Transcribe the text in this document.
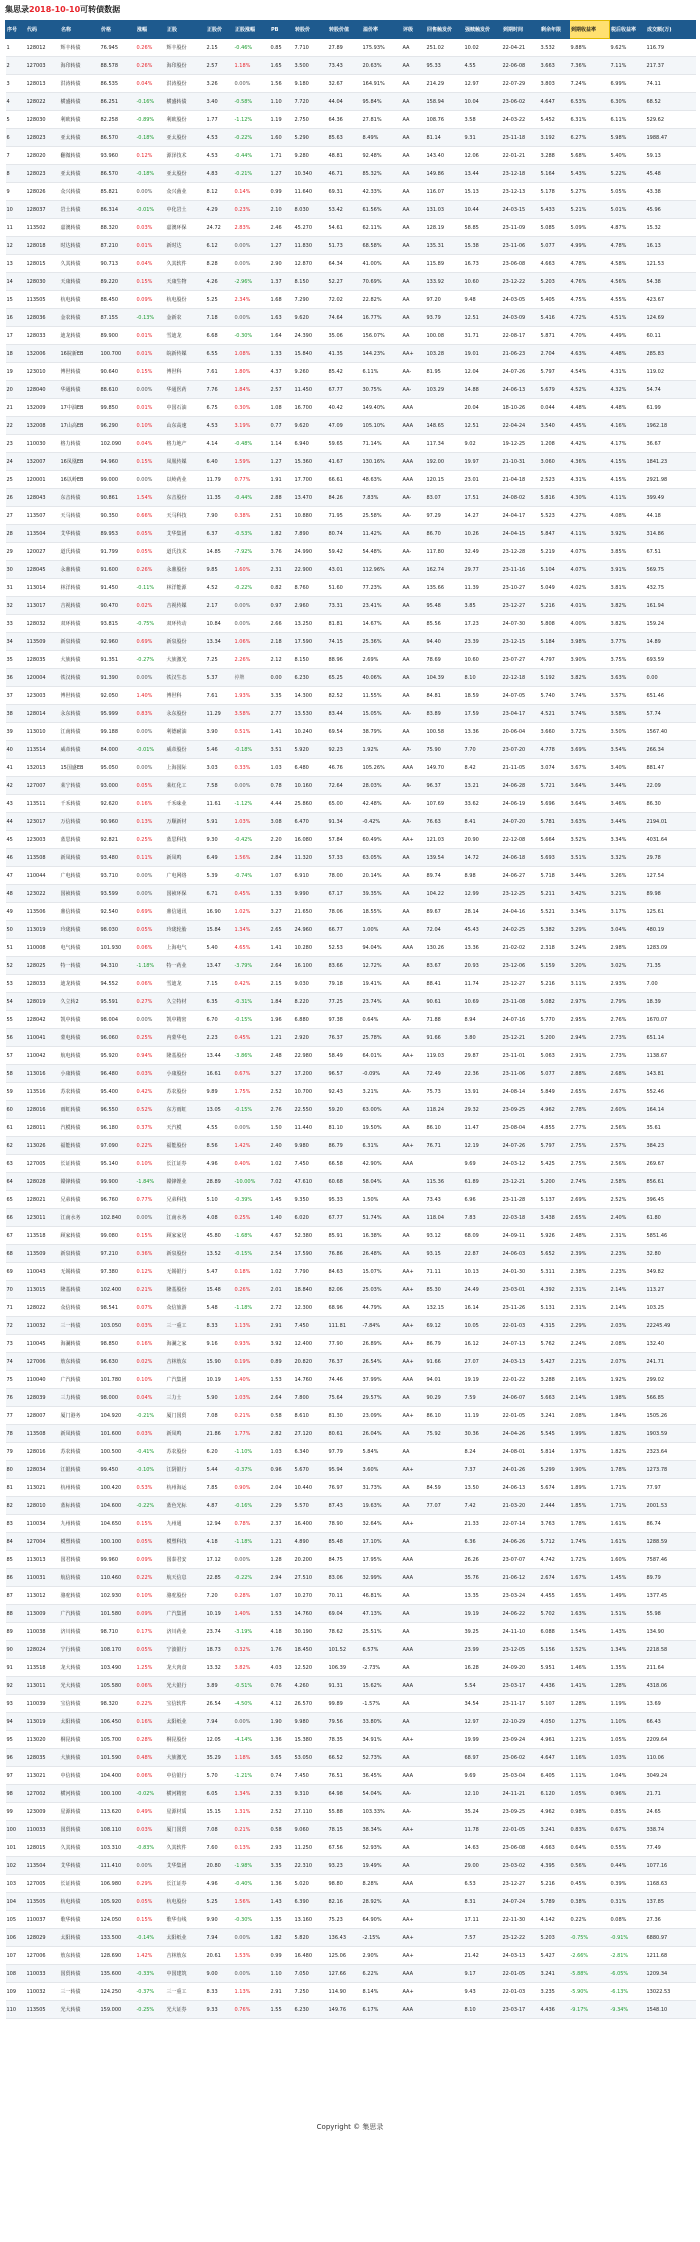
集思录2018-10-10可转债数据
序号	代码	名称	价格	涨幅	正股	正股价	正股涨幅	PB	转股价	转股价值	溢价率	评级	回售触发价	强赎触发价	到期时间	剩余年限	到期收益率	税后收益率	成交额(万)
1	128012	辉丰转债	76.945	0.26%	辉丰股份	2.15	-0.46%	0.85	7.710	27.89	175.93%	AA	251.02	10.02	22-04-21	3.532	9.88%	9.62%	116.79
2	127003	海印转债	88.578	0.26%	海印股份	2.57	1.18%	1.65	3.500	73.43	20.63%	AA	95.33	4.55	22-06-08	3.663	7.36%	7.11%	217.37
3	128013	洪涛转债	86.535	0.04%	洪涛股份	3.26	0.00%	1.56	9.180	32.67	164.91%	AA	214.29	12.97	22-07-29	3.803	7.24%	6.99%	74.11
4	128022	横盛转债	86.251	-0.16%	横盛转债	3.40	-0.58%	1.10	7.720	44.04	95.84%	AA	158.94	10.04	23-06-02	4.647	6.53%	6.30%	68.52
5	128030	利欧转债	82.258	-0.89%	利欧股份	1.77	-1.12%	1.19	2.750	64.36	27.81%	AA	108.76	3.58	24-03-22	5.452	6.31%	6.11%	529.62
6	128023	亚太转债	86.570	-0.18%	亚太股份	4.53	-0.22%	1.60	5.290	85.63	8.49%	AA	81.14	9.31	23-11-18	3.192	6.27%	5.98%	1988.47
7	128020	翻微转债	93.960	0.12%	源泽技术	4.53	-0.44%	1.71	9.280	48.81	92.48%	AA	143.40	12.06	22-01-21	3.288	5.68%	5.40%	59.13
8	128023	亚太转债	86.570	-0.18%	亚太股份	4.83	-0.21%	1.27	10.340	46.71	85.32%	AA	149.86	13.44	23-12-18	5.164	5.43%	5.22%	45.48
9	128026	众兴转债	85.821	0.00%	众兴菌业	8.12	0.14%	0.99	11.640	69.31	42.33%	AA	116.07	15.13	23-12-13	5.178	5.27%	5.05%	43.38
10	128037	岩土转债	86.314	-0.01%	中化岩土	4.29	0.23%	2.10	8.030	53.42	61.56%	AA	131.03	10.44	24-03-15	5.433	5.21%	5.01%	45.96
11	113502	嘉澳转债	88.320	0.03%	嘉澳环保	24.72	2.83%	2.46	45.270	54.61	62.11%	AA	128.19	58.85	23-11-09	5.085	5.09%	4.87%	15.32
12	128018	时达转债	87.210	0.01%	新时达	6.12	0.00%	1.27	11.830	51.73	68.58%	AA	135.31	15.38	23-11-06	5.077	4.99%	4.78%	16.13
13	128015	久其转债	90.713	0.04%	久其软件	8.28	0.00%	2.90	12.870	64.34	41.00%	AA	115.89	16.73	23-06-08	4.663	4.78%	4.58%	121.53
14	128030	天康转债	89.220	0.15%	天康生物	4.26	-2.96%	1.37	8.150	52.27	70.69%	AA	133.92	10.60	23-12-22	5.203	4.76%	4.56%	54.38
15	113505	杭电转债	88.450	0.09%	杭电股份	5.25	2.34%	1.68	7.290	72.02	22.82%	AA	97.20	9.48	24-03-05	5.405	4.75%	4.55%	423.67
16	128036	金农转债	87.155	-0.13%	金新农	7.18	0.00%	1.63	9.620	74.64	16.77%	AA	93.79	12.51	24-03-09	5.416	4.72%	4.51%	124.69
17	128033	迪龙转债	89.900	0.01%	雪迪龙	6.68	-0.30%	1.64	24.390	35.06	156.07%	AA	100.08	31.71	22-08-17	5.871	4.70%	4.49%	60.11
18	132006	16皖新EB	100.700	0.01%	皖新传媒	6.55	1.08%	1.33	15.840	41.35	144.23%	AA+	103.28	19.01	21-06-23	2.704	4.63%	4.48%	285.83
19	123010	博世转债	90.640	0.15%	博世科	7.61	1.80%	4.37	9.260	85.42	6.11%	AA-	81.95	12.04	24-07-26	5.797	4.54%	4.31%	119.02
20	128040	华通转债	88.610	0.00%	华通医药	7.76	1.84%	2.57	11.450	67.77	30.75%	AA-	103.29	14.88	24-06-13	5.679	4.52%	4.32%	54.74
21	132009	17中油EB	99.850	0.01%	中国石油	6.75	0.30%	1.08	16.700	40.42	149.40%	AAA		20.04	18-10-26	0.044	4.48%	4.48%	61.99
22	132008	17山高EB	96.290	0.10%	山东高速	4.53	3.19%	0.77	9.620	47.09	105.10%	AAA	148.65	12.51	22-04-24	3.540	4.45%	4.16%	1962.18
23	110030	格力转债	102.090	0.04%	格力地产	4.14	-0.48%	1.14	6.940	59.65	71.14%	AA	117.34	9.02	19-12-25	1.208	4.42%	4.17%	36.67
24	132007	16凤凰EB	94.960	0.15%	凤凰传媒	6.40	1.59%	1.27	15.360	41.67	130.16%	AAA	192.00	19.97	21-10-31	3.060	4.36%	4.15%	1841.23
25	120001	16以岭EB	99.000	0.00%	以岭药业	11.79	0.77%	1.91	17.700	66.61	48.63%	AAA	120.15	23.01	21-04-18	2.523	4.31%	4.15%	2921.98
26	128043	东音转债	90.861	1.54%	东音股份	11.35	-0.44%	2.88	13.470	84.26	7.83%	AA-	83.07	17.51	24-08-02	5.816	4.30%	4.11%	399.49
27	113507	天马转债	90.350	0.66%	天马科技	7.90	0.38%	2.51	10.880	71.95	25.58%	AA-	97.29	14.27	24-04-17	5.523	4.27%	4.08%	44.18
28	113504	艾华转债	89.953	0.05%	艾华集团	6.37	-0.53%	1.82	7.890	80.74	11.42%	AA	86.70	10.26	24-04-15	5.847	4.11%	3.92%	314.86
29	120027	道氏转债	91.799	0.05%	道氏技术	14.85	-7.92%	3.76	24.990	59.42	54.48%	AA-	117.80	32.49	23-12-28	5.219	4.07%	3.85%	67.51
30	128045	永鼎转债	91.600	0.26%	永鼎股份	9.85	1.60%	2.31	22.900	43.01	112.96%	AA	162.74	29.77	23-11-16	5.104	4.07%	3.91%	569.75
31	113014	林洋转债	91.450	-0.11%	林洋能源	4.52	-0.22%	0.82	8.760	51.60	77.23%	AA	135.66	11.39	23-10-27	5.049	4.02%	3.81%	432.75
32	113017	吉视转债	90.470	0.02%	吉视传媒	2.17	0.00%	0.97	2.960	73.31	23.41%	AA	95.48	3.85	23-12-27	5.216	4.01%	3.82%	161.94
33	128032	双环转债	93.815	-0.75%	双环传动	10.84	0.00%	2.66	13.250	81.81	14.67%	AA	85.56	17.23	24-07-30	5.808	4.00%	3.82%	159.24
34	113509	新泉转债	92.960	0.69%	新泉股份	13.34	1.06%	2.18	17.590	74.15	25.36%	AA	94.40	23.39	23-12-15	5.184	3.98%	3.77%	14.89
35	128035	大族转债	91.351	-0.27%	大族激光	7.25	2.26%	2.12	8.150	88.96	2.69%	AA	78.69	10.60	23-07-27	4.797	3.90%	3.75%	693.59
36	120004	铁汉转债	91.390	0.00%	铁汉生态	5.37	停牌	0.00	6.230	65.25	40.06%	AA	104.39	8.10	22-12-18	5.192	3.82%	3.63%	0.00
37	123003	博世转债	92.050	1.40%	博世科	7.61	1.93%	3.35	14.300	82.52	11.55%	AA	84.81	18.59	24-07-05	5.740	3.74%	3.57%	651.46
38	128014	永东转债	95.999	0.83%	永东股份	11.29	3.58%	2.77	13.530	83.44	15.05%	AA-	83.89	17.59	23-04-17	4.521	3.74%	3.58%	57.74
39	113010	江南转债	99.188	0.00%	利德耐油	3.90	0.51%	1.41	10.240	69.54	38.79%	AA	100.58	13.36	20-06-04	3.660	3.72%	3.50%	1567.40
40	113514	威帝转债	84.000	-0.01%	威帝股份	5.46	-0.18%	3.51	5.920	92.23	1.92%	AA-	75.90	7.70	23-07-20	4.778	3.69%	3.54%	266.34
41	132013	15国盛EB	95.050	0.00%	上海国际	3.03	0.33%	1.03	6.480	46.76	105.26%	AAA	149.70	8.42	21-11-05	3.074	3.67%	3.40%	881.47
42	127007	莱宁转债	93.000	0.05%	莱红化工	7.58	0.00%	0.78	10.160	72.64	28.03%	AA-	96.37	13.21	24-06-28	5.721	3.64%	3.44%	22.09
43	113511	千禾转债	92.620	0.16%	千禾味业	11.61	-1.12%	4.44	25.860	65.00	42.48%	AA-	107.69	33.62	24-06-19	5.696	3.64%	3.46%	86.30
44	123017	万信转债	90.960	0.13%	万顺新材	5.91	1.03%	3.08	6.470	91.34	-0.42%	AA-	76.63	8.41	24-07-20	5.781	3.63%	3.44%	2194.01
45	123003	蓝思转债	92.821	0.25%	蓝思科技	9.30	-0.42%	2.20	16.080	57.84	60.49%	AA+	121.03	20.90	22-12-08	5.664	3.52%	3.34%	4031.64
46	113508	新凤转债	93.480	0.11%	新凤鸣	6.49	1.56%	2.84	11.320	57.33	63.05%	AA	139.54	14.72	24-06-18	5.693	3.51%	3.32%	29.78
47	110044	广电转债	93.710	0.00%	广电网络	5.39	-0.74%	1.07	6.910	78.00	20.14%	AA	89.74	8.98	24-06-27	5.718	3.44%	3.26%	127.54
48	123022	国祯转债	93.599	0.00%	国祯环保	6.71	0.45%	1.33	9.990	67.17	39.35%	AA	104.22	12.99	23-12-25	5.211	3.42%	3.21%	89.98
49	113506	鼎信转债	92.540	0.69%	鼎信通讯	16.90	1.02%	3.27	21.650	78.06	18.55%	AA	89.67	28.14	24-04-16	5.521	3.34%	3.17%	125.61
50	113019	玲珑转债	98.030	0.05%	玲珑轮胎	15.84	1.34%	2.65	24.960	66.77	1.00%	AA	72.04	45.43	24-02-25	5.382	3.29%	3.04%	480.19
51	110008	电气转债	101.930	0.06%	上海电气	5.40	4.65%	1.41	10.280	52.53	94.04%	AAA	130.26	13.36	21-02-02	2.318	3.24%	2.98%	1283.09
52	128025	特一转债	94.310	-1.18%	特一药业	13.47	-3.79%	2.64	16.100	83.66	12.72%	AA	83.67	20.93	23-12-06	5.159	3.20%	3.02%	71.35
53	128033	迪龙转债	94.552	0.06%	雪迪龙	7.15	0.42%	2.15	9.030	79.18	19.41%	AA	88.41	11.74	23-12-27	5.216	3.11%	2.93%	7.00
54	128019	久立转2	95.591	0.27%	久立特材	6.35	-0.31%	1.84	8.220	77.25	23.74%	AA	90.61	10.69	23-11-08	5.082	2.97%	2.79%	18.39
55	128042	凯中转债	98.004	0.00%	凯中精密	6.70	-0.15%	1.96	6.880	97.38	0.64%	AA-	71.88	8.94	24-07-16	5.770	2.95%	2.76%	1670.07
56	110041	蒙电转债	96.060	0.25%	内蒙华电	2.23	0.45%	1.21	2.920	76.37	25.78%	AA	91.66	3.80	23-12-21	5.200	2.94%	2.73%	651.14
57	110042	航电转债	95.920	0.94%	隆基股份	13.44	-3.86%	2.48	22.980	58.49	64.01%	AA+	119.03	29.87	23-11-01	5.063	2.91%	2.73%	1138.67
58	113016	小康转债	96.480	0.03%	小康股份	16.61	0.67%	3.27	17.200	96.57	-0.09%	AA	72.49	22.36	23-11-06	5.077	2.88%	2.68%	143.81
59	113516	苏农转债	95.400	0.42%	苏农股份	9.89	1.75%	2.52	10.700	92.43	3.21%	AA-	75.73	13.91	24-08-14	5.849	2.65%	2.67%	552.46
60	128016	雨虹转债	96.550	0.52%	东方雨虹	13.05	-0.15%	2.76	22.550	59.20	63.00%	AA	118.24	29.32	23-09-25	4.962	2.78%	2.60%	164.14
61	128011	汽模转债	96.180	0.37%	天汽模	4.55	0.00%	1.50	11.440	81.10	19.50%	AA	86.10	11.47	23-08-04	4.855	2.77%	2.56%	35.61
62	113026	福能转债	97.090	0.22%	福能股份	8.56	1.42%	2.40	9.980	86.79	6.31%	AA+	76.71	12.19	24-07-26	5.797	2.75%	2.57%	384.23
63	127005	长证转债	95.140	0.10%	长江证券	4.96	0.40%	1.02	7.450	66.58	42.90%	AAA		9.69	24-03-12	5.425	2.75%	2.56%	269.67
64	128028	赣锋转债	99.900	-1.84%	赣锋锂业	28.89	-10.00%	7.02	47.610	60.68	58.04%	AA	115.36	61.89	23-12-21	5.200	2.74%	2.58%	856.61
65	128021	兄弟转债	96.760	0.77%	兄弟科技	5.10	-0.39%	1.45	9.350	95.33	1.50%	AA	73.43	6.96	23-11-28	5.137	2.69%	2.52%	396.45
66	123011	江南水务	102.840	0.00%	江南水务	4.08	0.25%	1.40	6.020	67.77	51.74%	AA	118.04	7.83	22-03-18	3.438	2.65%	2.40%	61.80
67	113518	顾家转债	99.080	0.15%	顾家家居	45.80	-1.68%	4.67	52.380	85.91	16.38%	AA	93.12	68.09	24-09-11	5.926	2.48%	2.31%	5851.46
68	113509	新泉转债	97.210	0.36%	新泉股份	13.52	-0.15%	2.54	17.590	76.86	26.48%	AA	93.15	22.87	24-06-03	5.652	2.39%	2.23%	32.80
69	110043	无锡转债	97.380	0.12%	无锡银行	5.47	0.18%	1.02	7.790	84.63	15.07%	AA+	71.11	10.13	24-01-30	5.311	2.38%	2.23%	349.82
70	113015	隆基转债	102.400	0.21%	隆基股份	15.48	0.26%	2.01	18.840	82.06	25.03%	AA+	85.30	24.49	23-03-01	4.392	2.31%	2.14%	113.27
71	128022	众信转债	98.541	0.07%	众信旅游	5.48	-1.18%	2.72	12.300	68.96	44.79%	AA	132.15	16.14	23-11-26	5.131	2.31%	2.14%	103.25
72	110032	三一转债	103.050	0.03%	三一重工	8.33	1.13%	2.91	7.450	111.81	-7.84%	AA+	69.12	10.05	22-01-03	4.315	2.29%	2.03%	22245.49
73	110045	海澜转债	98.850	0.16%	海澜之家	9.16	0.93%	3.92	12.400	77.90	26.89%	AA+	86.79	16.12	24-07-13	5.762	2.24%	2.08%	132.40
74	127006	敖东转债	96.630	0.02%	吉林敖东	15.90	0.19%	0.89	20.820	76.37	26.54%	AA+	91.66	27.07	24-03-13	5.427	2.21%	2.07%	241.71
75	110040	广汽转债	101.780	0.10%	广汽集团	10.19	1.40%	1.53	14.760	74.46	37.99%	AAA	94.01	19.19	22-01-22	3.288	2.16%	1.92%	299.02
76	128039	三力转债	98.000	0.04%	三力士	5.90	1.03%	2.64	7.800	75.64	29.57%	AA	90.29	7.59	24-06-07	5.663	2.14%	1.98%	566.85
77	128007	厦门港务	104.920	-0.21%	厦门国贸	7.08	0.21%	0.58	8.610	81.30	23.09%	AA+	86.10	11.19	22-01-05	3.241	2.08%	1.84%	1505.26
78	113508	新凤转债	101.600	0.03%	新凤鸣	21.86	1.77%	2.82	27.120	80.61	26.04%	AA	75.92	30.36	24-04-26	5.545	1.99%	1.82%	1903.59
79	128016	苏农转债	100.500	-0.41%	苏农股份	6.20	-1.10%	1.03	6.340	97.79	5.84%	AA		8.24	24-08-01	5.814	1.97%	1.82%	2323.64
80	128034	江银转债	99.450	-0.10%	江阴银行	5.44	-0.37%	0.96	5.670	95.94	3.60%	AA+		7.37	24-01-26	5.299	1.90%	1.78%	1273.78
81	113021	杭州转债	100.420	0.53%	杭州海运	7.85	0.90%	2.04	10.440	76.97	31.73%	AA	84.59	13.50	24-06-13	5.674	1.89%	1.71%	77.97
82	128010	蓝标转债	104.600	-0.22%	蓝色光标	4.87	-0.16%	2.29	5.570	87.43	19.63%	AA	77.07	7.42	21-03-20	2.444	1.85%	1.71%	2001.53
83	110034	九州转债	104.650	0.15%	九州通	12.94	0.78%	2.37	16.400	78.90	32.64%	AA+		21.33	22-07-14	3.763	1.78%	1.61%	86.74
84	127004	模塑转债	100.100	0.05%	模塑科技	4.18	-1.18%	1.21	4.890	85.48	17.10%	AA		6.36	24-06-26	5.712	1.74%	1.61%	1288.59
85	113013	国君转债	99.960	0.09%	国泰君安	17.12	0.00%	1.28	20.200	84.75	17.95%	AAA		26.26	23-07-07	4.742	1.72%	1.60%	7587.46
86	110031	航信转债	110.460	0.22%	航天信息	22.85	-0.22%	2.94	27.510	83.06	32.99%	AAA		35.76	21-06-12	2.674	1.67%	1.45%	89.79
87	113012	骆驼转债	102.930	0.10%	骆驼股份	7.20	0.28%	1.07	10.270	70.11	46.81%	AA		13.35	23-03-24	4.455	1.65%	1.49%	1377.45
88	113009	广汽转债	101.580	0.09%	广汽集团	10.19	1.40%	1.53	14.760	69.04	47.13%	AA		19.19	24-06-22	5.702	1.63%	1.51%	55.98
89	110038	济川转债	98.710	0.17%	济川药业	23.74	-3.19%	4.18	30.190	78.62	25.51%	AA		39.25	24-11-10	6.088	1.54%	1.43%	134.90
90	128024	宁行转债	108.170	0.05%	宁波银行	18.73	0.32%	1.76	18.450	101.52	6.57%	AAA		23.99	23-12-05	5.156	1.52%	1.34%	2218.58
91	113518	龙大转债	103.490	1.25%	龙大肉食	13.32	3.82%	4.03	12.520	106.39	-2.73%	AA		16.28	24-09-20	5.951	1.46%	1.35%	211.64
92	113011	光大转债	105.580	0.06%	光大银行	3.89	-0.51%	0.76	4.260	91.31	15.62%	AAA		5.54	23-03-17	4.436	1.41%	1.28%	4318.06
93	110039	宝信转债	98.320	0.22%	宝信软件	26.54	-4.50%	4.12	26.570	99.89	-1.57%	AA		34.54	23-11-17	5.107	1.28%	1.19%	13.69
94	113019	太阳转债	106.450	0.16%	太阳纸业	7.94	0.00%	1.90	9.980	79.56	33.80%	AA		12.97	22-10-29	4.050	1.27%	1.10%	66.43
95	113020	桐昆转债	105.700	0.28%	桐昆股份	12.05	-4.14%	1.36	15.380	78.35	34.91%	AA+		19.99	23-09-24	4.961	1.21%	1.05%	2209.64
96	128035	大族转债	101.590	0.48%	大族激光	35.29	1.18%	3.65	53.050	66.52	52.73%	AA		68.97	23-06-02	4.647	1.16%	1.03%	110.06
97	113021	中信转债	104.400	0.06%	中信银行	5.70	-1.21%	0.74	7.450	76.51	36.45%	AAA		9.69	25-03-04	6.405	1.11%	1.04%	3049.24
98	127002	横河转债	100.100	-0.02%	横河精密	6.05	1.34%	2.33	9.310	64.98	54.04%	AA-		12.10	24-11-21	6.120	1.05%	0.96%	21.71
99	123009	星源转债	113.620	0.49%	星源材质	15.15	1.31%	2.52	27.110	55.88	103.33%	AA-		35.24	23-09-25	4.962	0.98%	0.85%	24.65
100	110033	国贸转债	108.110	0.03%	厦门国贸	7.08	0.21%	0.58	9.060	78.15	38.34%	AA+		11.78	22-01-05	3.241	0.83%	0.67%	338.74
101	128015	久其转债	103.310	-0.83%	久其软件	7.60	0.13%	2.93	11.250	67.56	52.93%	AA		14.63	23-06-08	4.663	0.64%	0.55%	77.49
102	113504	艾华转债	111.410	0.00%	艾华集团	20.80	-1.98%	3.35	22.310	93.23	19.49%	AA		29.00	23-03-02	4.395	0.56%	0.44%	1077.16
103	127005	长证转债	106.980	0.29%	长江证券	4.96	-0.40%	1.36	5.020	98.80	8.28%	AAA		6.53	23-12-27	5.216	0.45%	0.39%	1168.63
104	113505	杭电转债	105.920	0.05%	杭电股份	5.25	1.56%	1.43	6.390	82.16	28.92%	AA		8.31	24-07-24	5.789	0.38%	0.31%	137.85
105	110037	歌华转债	124.050	0.15%	歌华有线	9.90	-0.30%	1.35	13.160	75.23	64.90%	AA+		17.11	22-11-30	4.142	0.22%	0.08%	27.36
106	128029	太阳转债	133.500	-0.14%	太阳纸业	7.94	0.00%	1.82	5.820	136.43	-2.15%	AA+		7.57	23-12-22	5.203	-0.75%	-0.91%	6880.97
107	127006	敖东转债	128.690	1.42%	吉林敖东	20.61	1.53%	0.99	16.480	125.06	2.90%	AA+		21.42	24-03-13	5.427	-2.66%	-2.81%	1211.68
108	110033	国贸转债	135.600	-0.33%	中国建筑	9.00	0.00%	1.10	7.050	127.66	6.22%	AAA		9.17	22-01-05	3.241	-5.88%	-6.05%	1209.34
109	110032	三一转债	124.250	-0.37%	三一重工	8.33	1.13%	2.91	7.250	114.90	8.14%	AA+		9.43	22-01-03	3.235	-5.90%	-6.13%	13022.53
110	113505	光大转债	159.000	-0.25%	光大证券	9.33	0.76%	1.55	6.230	149.76	6.17%	AAA		8.10	23-03-17	4.436	-9.17%	-9.34%	1548.10
Copyright © 集思录
